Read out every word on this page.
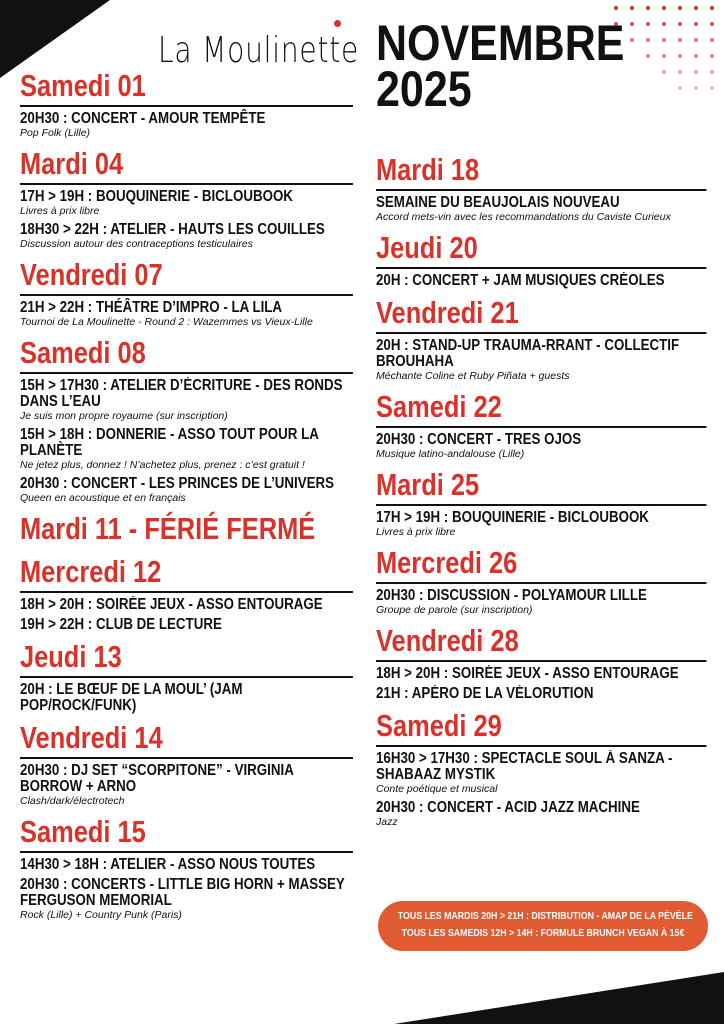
La Moulinette NOVEMBRE
2025
Samedi 01
20H30 : CONCERT - AMOUR TEMPÊTE
Pop Folk (Lille)
Mardi 04
17H > 19H : BOUQUINERIE - BICLOUBOOK
Livres à prix libre
18H30 > 22H : ATELIER - HAUTS LES COUILLES
Discussion autour des contraceptions testiculaires
Vendredi 07
21H > 22H : THÉÂTRE D’IMPRO - LA LILA
Tournoi de La Moulinette - Round 2 : Wazemmes vs Vieux-Lille
Samedi 08
15H > 17H30 : ATELIER D’ÉCRITURE - DES RONDS DANS L’EAU
Je suis mon propre royaume (sur inscription)
15H > 18H : DONNERIE - ASSO TOUT POUR LA PLANÈTE
Ne jetez plus, donnez ! N’achetez plus, prenez : c’est gratuit !
20H30 : CONCERT - LES PRINCES DE L’UNIVERS
Queen en acoustique et en français
Mardi 11 - FÉRIÉ FERMÉ
Mercredi 12
18H > 20H : SOIRÉE JEUX - ASSO ENTOURAGE
19H > 22H : CLUB DE LECTURE
Jeudi 13
20H : LE BŒUF DE LA MOUL’ (JAM POP/ROCK/FUNK)
Vendredi 14
20H30 : DJ SET “SCORPITONE” - VIRGINIA BORROW + ARNO
Clash/dark/électrotech
Samedi 15
14H30 > 18H : ATELIER - ASSO NOUS TOUTES
20H30 : CONCERTS - LITTLE BIG HORN + MASSEY FERGUSON MEMORIAL
Rock (Lille) + Country Punk (Paris)
Mardi 18
SEMAINE DU BEAUJOLAIS NOUVEAU
Accord mets-vin avec les recommandations du Caviste Curieux
Jeudi 20
20H : CONCERT + JAM MUSIQUES CRÉOLES
Vendredi 21
20H : STAND-UP TRAUMA-RRANT - COLLECTIF BROUHAHA
Méchante Coline et Ruby Piñata + guests
Samedi 22
20H30 : CONCERT - TRES OJOS
Musique latino-andalouse (Lille)
Mardi 25
17H > 19H : BOUQUINERIE - BICLOUBOOK
Livres à prix libre
Mercredi 26
20H30 : DISCUSSION - POLYAMOUR LILLE
Groupe de parole (sur inscription)
Vendredi 28
18H > 20H : SOIRÉE JEUX - ASSO ENTOURAGE
21H : APÉRO DE LA VÉLORUTION
Samedi 29
16H30 > 17H30 : SPECTACLE SOUL À SANZA - SHABAAZ MYSTIK
Conte poétique et musical
20H30 : CONCERT - ACID JAZZ MACHINE
Jazz
TOUS LES MARDIS 20H > 21H : DISTRIBUTION - AMAP DE LA PÉVÈLE
TOUS LES SAMEDIS 12H > 14H : FORMULE BRUNCH VEGAN À 15€
